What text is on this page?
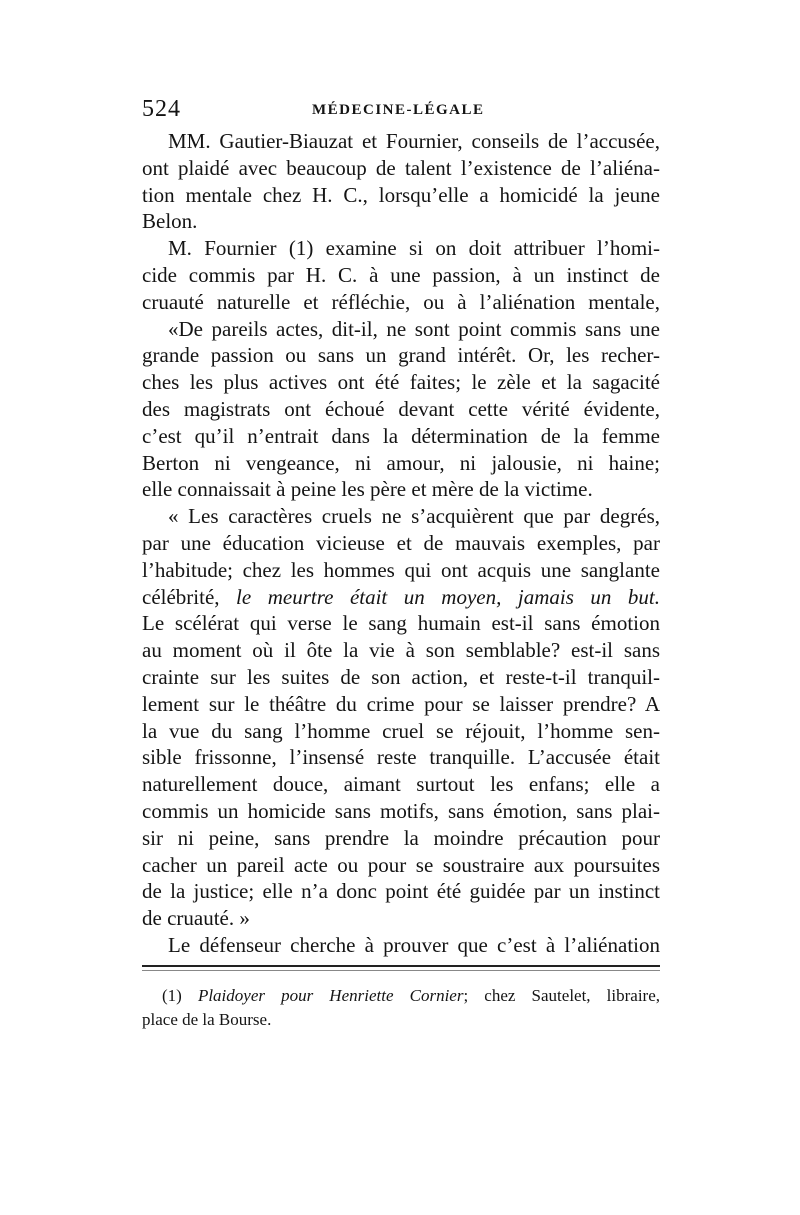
524	MÉDECINE-LÉGALE
MM. Gautier-Biauzat et Fournier, conseils de l’accusée,
ont plaidé avec beaucoup de talent l’existence de l’aliéna-
tion mentale chez H. C., lorsqu’elle a homicidé la jeune
Belon.
M. Fournier (1) examine si on doit attribuer l’homi-
cide commis par H. C. à une passion, à un instinct de
cruauté naturelle et réfléchie, ou à l’aliénation mentale,
«De pareils actes, dit-il, ne sont point commis sans une
grande passion ou sans un grand intérêt. Or, les recher-
ches les plus actives ont été faites; le zèle et la sagacité
des magistrats ont échoué devant cette vérité évidente,
c’est qu’il n’entrait dans la détermination de la femme
Berton ni vengeance, ni amour, ni jalousie, ni haine;
elle connaissait à peine les père et mère de la victime.
« Les caractères cruels ne s’acquièrent que par degrés,
par une éducation vicieuse et de mauvais exemples, par
l’habitude; chez les hommes qui ont acquis une sanglante
célébrité, le meurtre était un moyen, jamais un but.
Le scélérat qui verse le sang humain est-il sans émotion
au moment où il ôte la vie à son semblable? est-il sans
crainte sur les suites de son action, et reste-t-il tranquil-
lement sur le théâtre du crime pour se laisser prendre? A
la vue du sang l’homme cruel se réjouit, l’homme sen-
sible frissonne, l’insensé reste tranquille. L’accusée était
naturellement douce, aimant surtout les enfans; elle a
commis un homicide sans motifs, sans émotion, sans plai-
sir ni peine, sans prendre la moindre précaution pour
cacher un pareil acte ou pour se soustraire aux poursuites
de la justice; elle n’a donc point été guidée par un instinct
de cruauté. »
Le défenseur cherche à prouver que c’est à l’aliénation
(1) Plaidoyer pour Henriette Cornier; chez Sautelet, libraire,
place de la Bourse.
